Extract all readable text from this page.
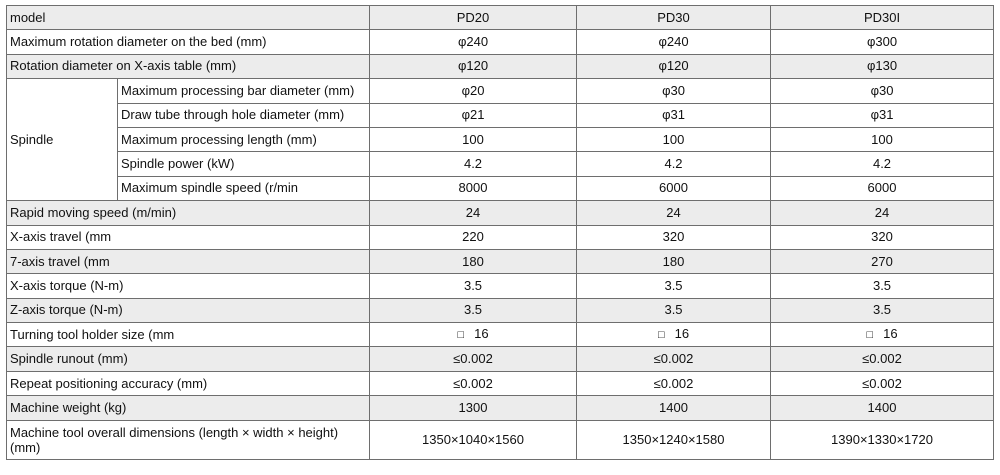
model		PD20	PD30	PD30I
Maximum rotation diameter on the bed (mm)		φ240	φ240	φ300
Rotation diameter on X-axis table (mm)		φ120	φ120	φ130
Spindle	Maximum processing bar diameter (mm)	φ20	φ30	φ30
	Draw tube through hole diameter (mm)	φ21	φ31	φ31
	Maximum processing length (mm)	100	100	100
	Spindle power (kW)	4.2	4.2	4.2
	Maximum spindle speed (r/min	8000	6000	6000
Rapid moving speed (m/min)		24	24	24
X-axis travel (mm		220	320	320
7-axis travel (mm		180	180	270
X-axis torque (N-m)		3.5	3.5	3.5
Z-axis torque (N-m)		3.5	3.5	3.5
Turning tool holder size (mm		□ 16	□ 16	□ 16
Spindle runout (mm)		≤0.002	≤0.002	≤0.002
Repeat positioning accuracy (mm)		≤0.002	≤0.002	≤0.002
Machine weight (kg)		1300	1400	1400
Machine tool overall dimensions (length × width × height) (mm)		1350×1040×1560	1350×1240×1580	1390×1330×1720
